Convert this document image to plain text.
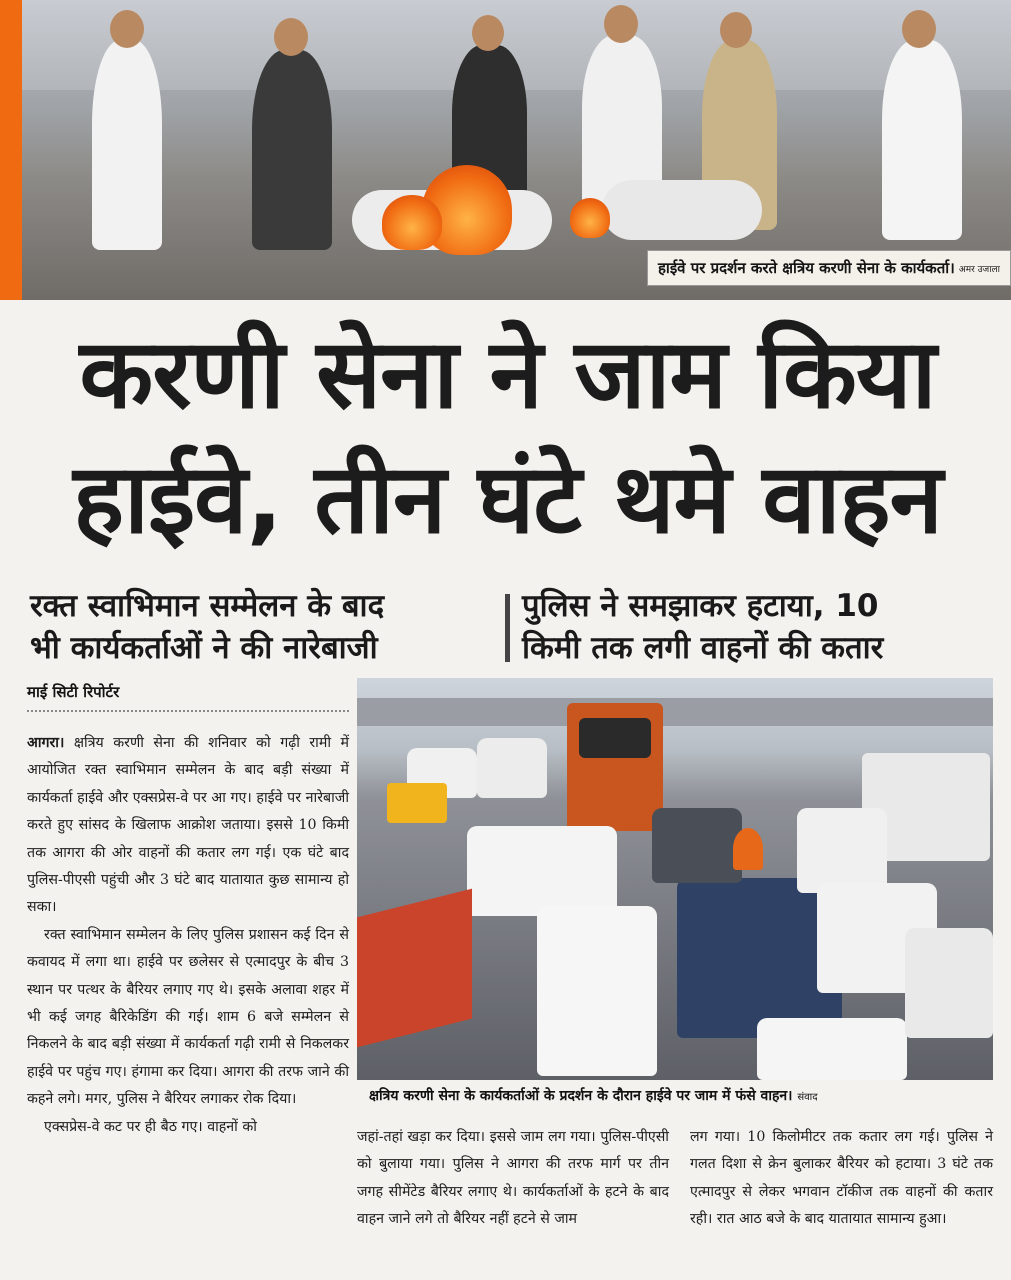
हाईवे पर प्रदर्शन करते क्षत्रिय करणी सेना के कार्यकर्ता। अमर उजाला
करणी सेना ने जाम किया
हाईवे, तीन घंटे थमे वाहन
रक्त स्वाभिमान सम्मेलन के बाद
भी कार्यकर्ताओं ने की नारेबाजी
पुलिस ने समझाकर हटाया, 10
किमी तक लगी वाहनों की कतार
माई सिटी रिपोर्टर

आगरा। क्षत्रिय करणी सेना की शनिवार को गढ़ी रामी में आयोजित रक्त स्वाभिमान सम्मेलन के बाद बड़ी संख्या में कार्यकर्ता हाईवे और एक्सप्रेस-वे पर आ गए। हाईवे पर नारेबाजी करते हुए सांसद के खिलाफ आक्रोश जताया। इससे 10 किमी तक आगरा की ओर वाहनों की कतार लग गई। एक घंटे बाद पुलिस-पीएसी पहुंची और 3 घंटे बाद यातायात कुछ सामान्य हो सका।

रक्त स्वाभिमान सम्मेलन के लिए पुलिस प्रशासन कई दिन से कवायद में लगा था। हाईवे पर छलेसर से एत्मादपुर के बीच 3 स्थान पर पत्थर के बैरियर लगाए गए थे। इसके अलावा शहर में भी कई जगह बैरिकेडिंग की गई। शाम 6 बजे सम्मेलन से निकलने के बाद बड़ी संख्या में कार्यकर्ता गढ़ी रामी से निकलकर हाईवे पर पहुंच गए। हंगामा कर दिया। आगरा की तरफ जाने की कहने लगे। मगर, पुलिस ने बैरियर लगाकर रोक दिया।

एक्सप्रेस-वे कट पर ही बैठ गए। वाहनों को

क्षत्रिय करणी सेना के कार्यकर्ताओं के प्रदर्शन के दौरान हाईवे पर जाम में फंसे वाहन। संवाद

जहां-तहां खड़ा कर दिया। इससे जाम लग गया। पुलिस-पीएसी को बुलाया गया। पुलिस ने आगरा की तरफ मार्ग पर तीन जगह सीमेंटेड बैरियर लगाए थे। कार्यकर्ताओं के हटने के बाद वाहन जाने लगे तो बैरियर नहीं हटने से जाम

लग गया। 10 किलोमीटर तक कतार लग गई। पुलिस ने गलत दिशा से क्रेन बुलाकर बैरियर को हटाया। 3 घंटे तक एत्मादपुर से लेकर भगवान टॉकीज तक वाहनों की कतार रही। रात आठ बजे के बाद यातायात सामान्य हुआ।
